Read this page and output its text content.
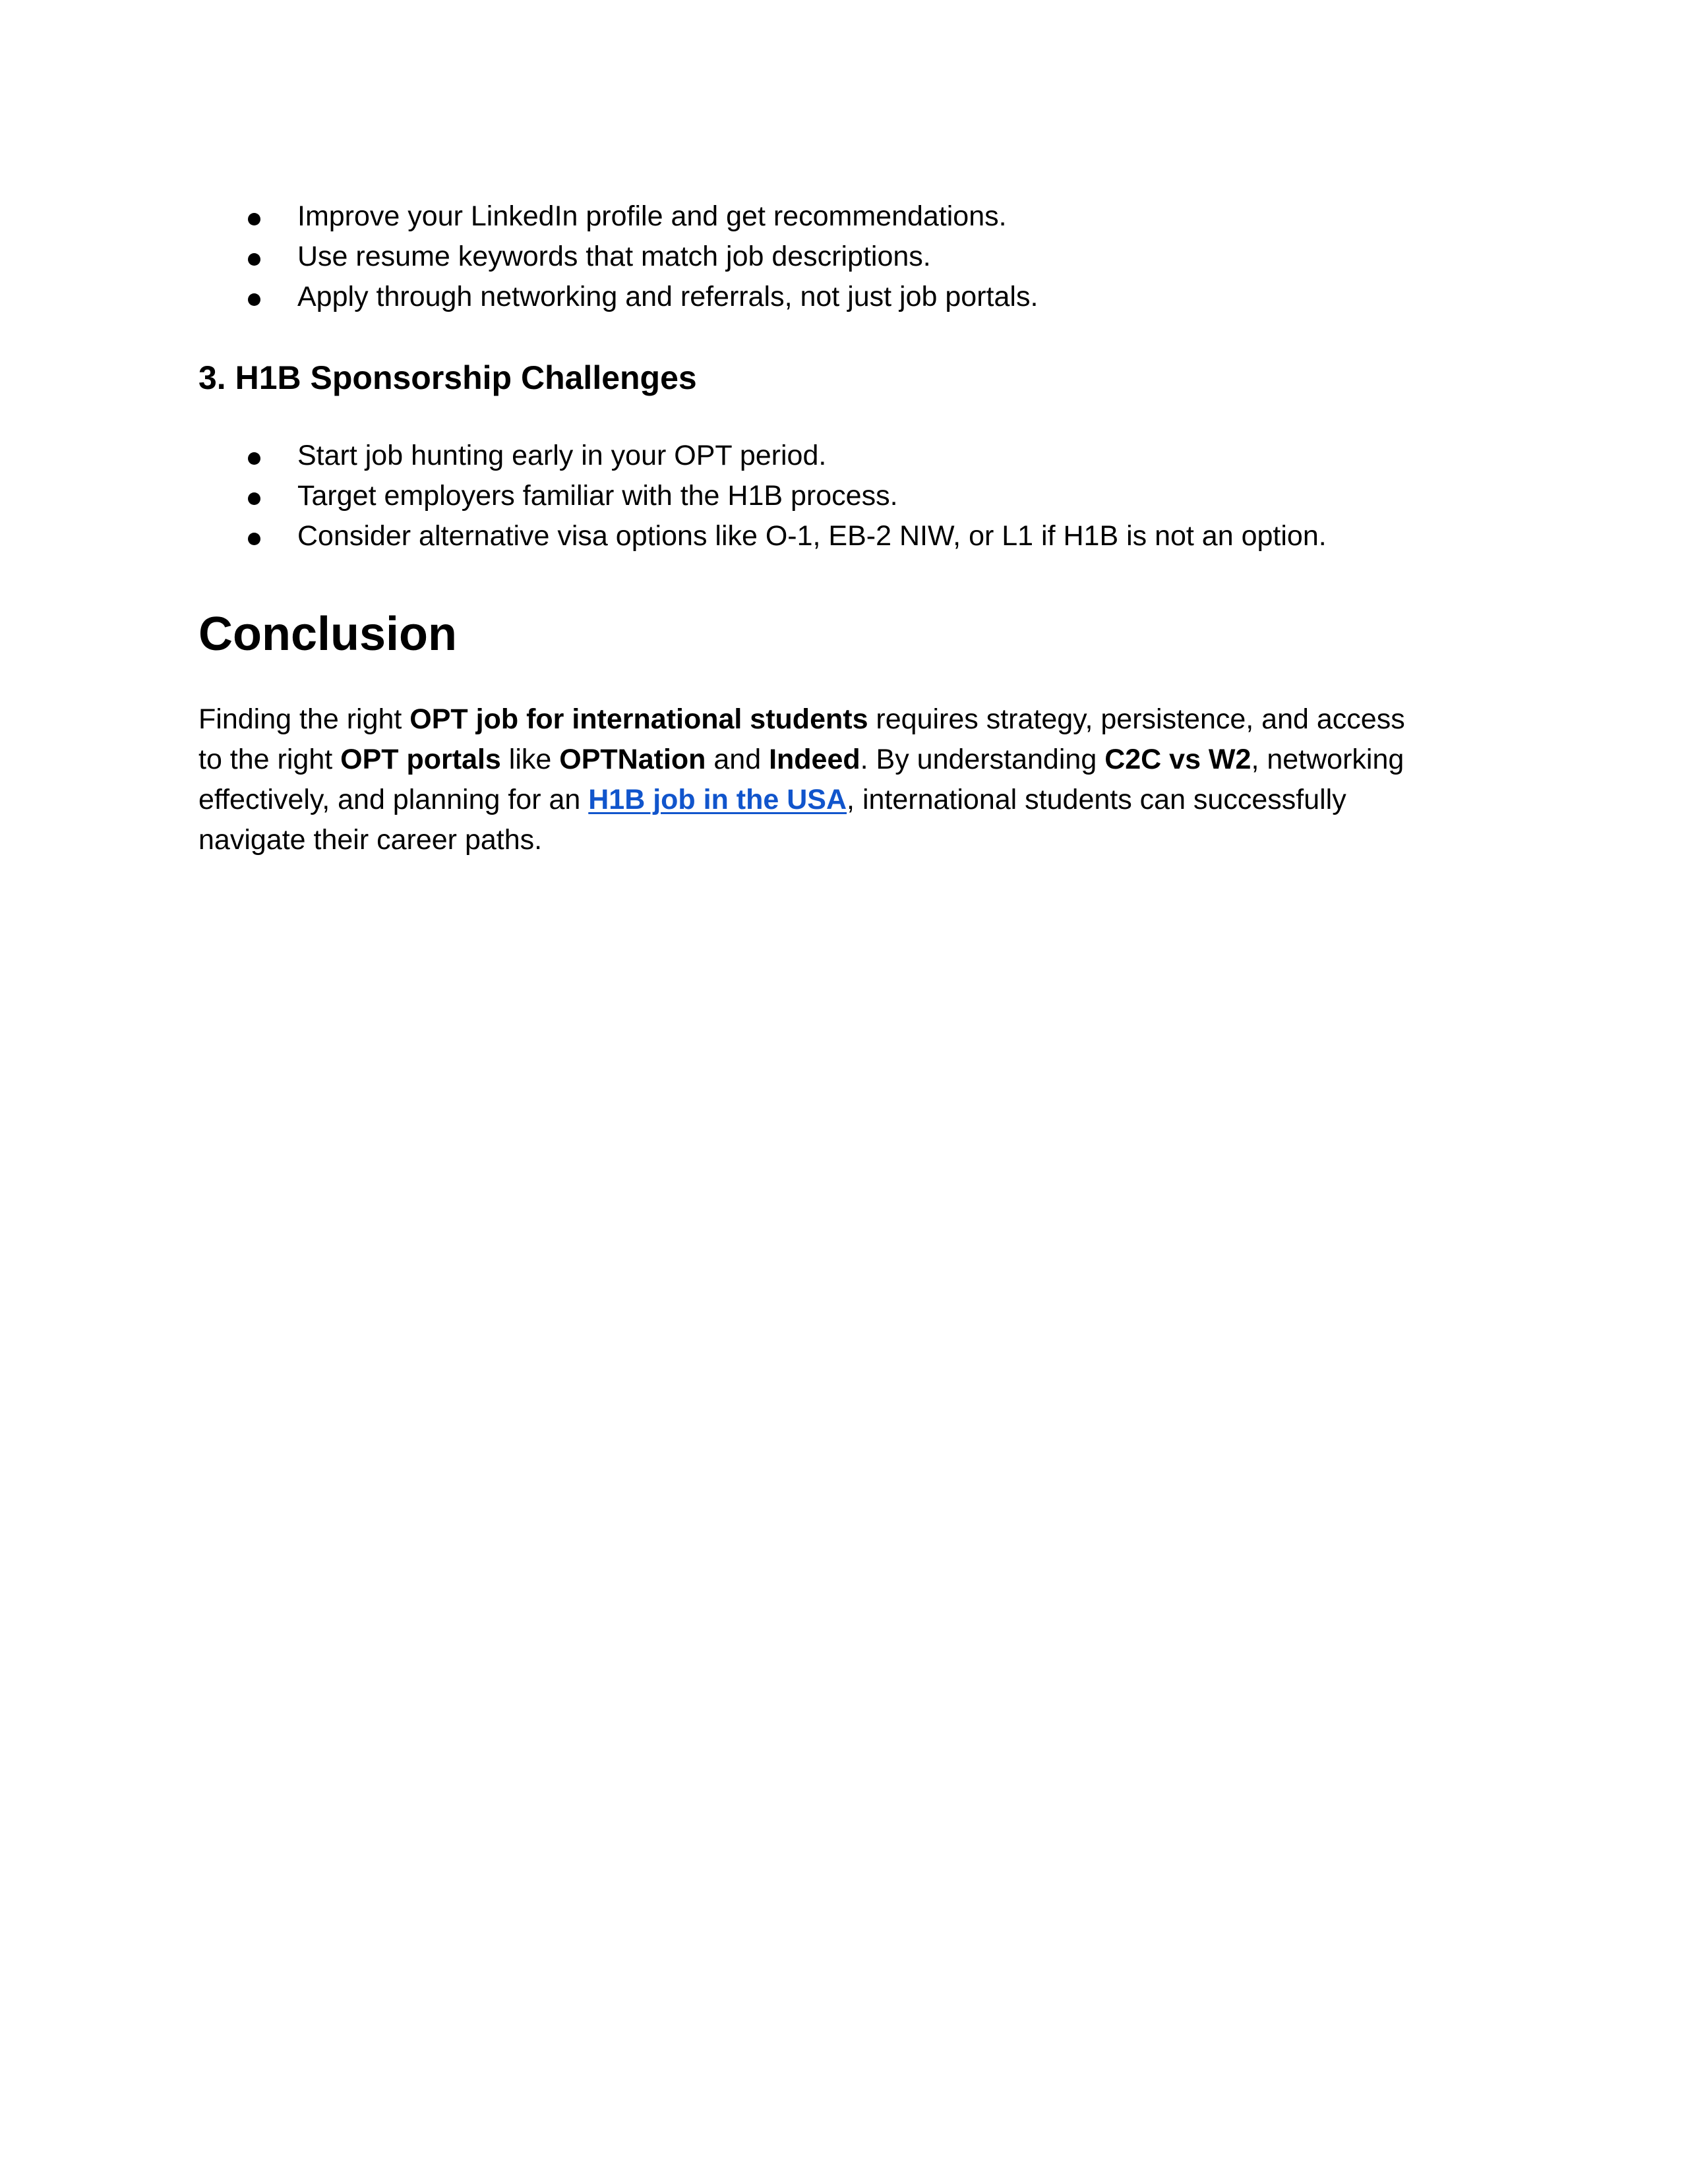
Improve your LinkedIn profile and get recommendations.
Use resume keywords that match job descriptions.
Apply through networking and referrals, not just job portals.
3. H1B Sponsorship Challenges
Start job hunting early in your OPT period.
Target employers familiar with the H1B process.
Consider alternative visa options like O-1, EB-2 NIW, or L1 if H1B is not an option.
Conclusion

Finding the right OPT job for international students requires strategy, persistence, and access
to the right OPT portals like OPTNation and Indeed. By understanding C2C vs W2, networking
effectively, and planning for an H1B job in the USA, international students can successfully
navigate their career paths.
